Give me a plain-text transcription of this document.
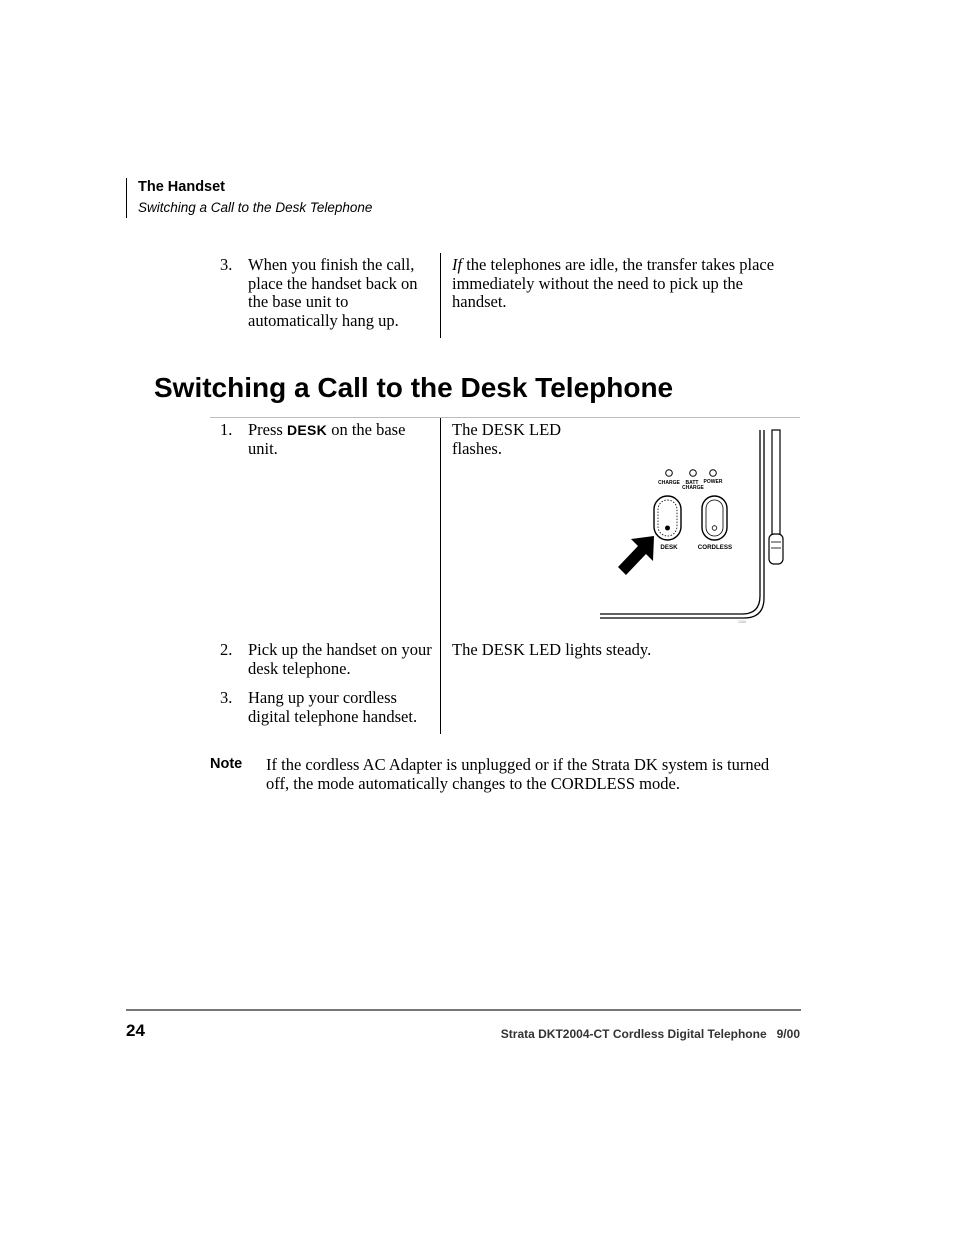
The Handset

Switching a Call to the Desk Telephone

3. When you finish the call, place the handset back on the base unit to automatically hang up.
If the telephones are idle, the transfer takes place immediately without the need to pick up the handset.
Switching a Call to the Desk Telephone
1. Press DESK on the base unit.
The DESK LED flashes.
CHARGE BATT
CHARGE
POWER
DESK	CORDLESS
1244
2. Pick up the handset on your desk telephone.
The DESK LED lights steady.
3. Hang up your cordless digital telephone handset.
Note If the cordless AC Adapter is unplugged or if the Strata DK system is turned off, the mode automatically changes to the CORDLESS mode.
24	Strata DKT2004-CT Cordless Digital Telephone   9/00
